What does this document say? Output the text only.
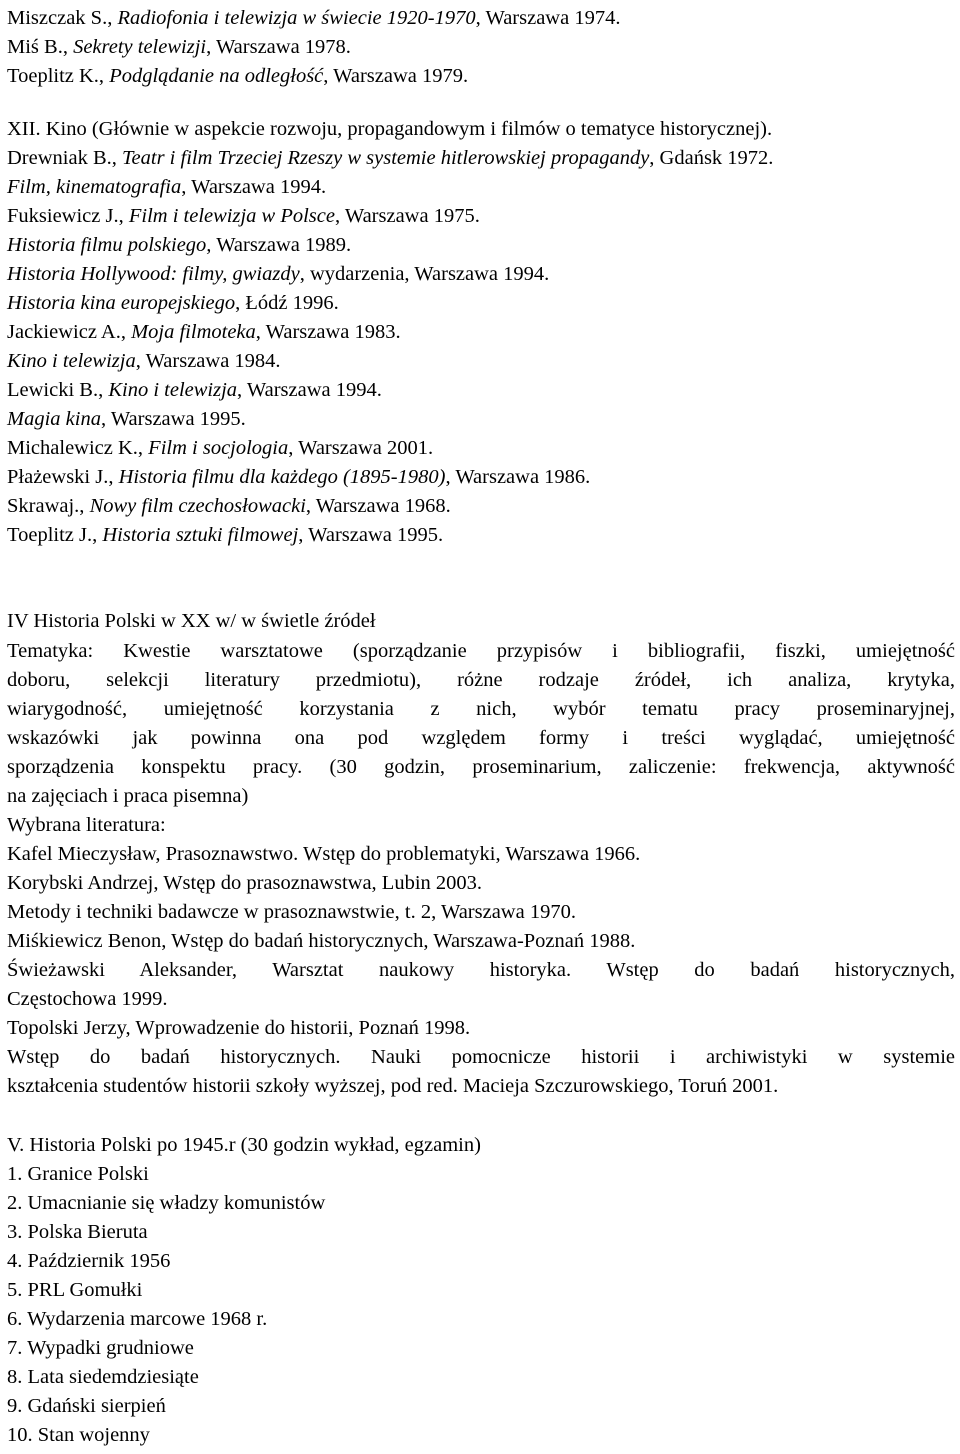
Miszczak S., Radiofonia i telewizja w świecie 1920-1970, Warszawa 1974.
Miś B., Sekrety telewizji, Warszawa 1978.
Toeplitz K., Podglądanie na odległość, Warszawa 1979.
XII. Kino (Głównie w aspekcie rozwoju, propagandowym i filmów o tematyce historycznej).
Drewniak B., Teatr i film Trzeciej Rzeszy w systemie hitlerowskiej propagandy, Gdańsk 1972.
Film, kinematografia, Warszawa 1994.
Fuksiewicz J., Film i telewizja w Polsce, Warszawa 1975.
Historia filmu polskiego, Warszawa 1989.
Historia Hollywood: filmy, gwiazdy, wydarzenia, Warszawa 1994.
Historia kina europejskiego, Łódź 1996.
Jackiewicz A., Moja filmoteka, Warszawa 1983.
Kino i telewizja, Warszawa 1984.
Lewicki B., Kino i telewizja, Warszawa 1994.
Magia kina, Warszawa 1995.
Michalewicz K., Film i socjologia, Warszawa 2001.
Płażewski J., Historia filmu dla każdego (1895-1980), Warszawa 1986.
Skrawaj., Nowy film czechosłowacki, Warszawa 1968.
Toeplitz J., Historia sztuki filmowej, Warszawa 1995.
IV Historia Polski w XX w/ w świetle źródeł
Tematyka: Kwestie warsztatowe (sporządzanie przypisów i bibliografii, fiszki, umiejętność
doboru, selekcji literatury przedmiotu), różne rodzaje źródeł, ich analiza, krytyka,
wiarygodność, umiejętność korzystania z nich, wybór tematu pracy proseminaryjnej,
wskazówki jak powinna ona pod względem formy i treści wyglądać, umiejętność
sporządzenia konspektu pracy. (30 godzin, proseminarium, zaliczenie: frekwencja, aktywność
na zajęciach i praca pisemna)
Wybrana literatura:
Kafel Mieczysław, Prasoznawstwo. Wstęp do problematyki, Warszawa 1966.
Korybski Andrzej, Wstęp do prasoznawstwa, Lubin 2003.
Metody i techniki badawcze w prasoznawstwie, t. 2, Warszawa 1970.
Miśkiewicz Benon, Wstęp do badań historycznych, Warszawa-Poznań 1988.
Świeżawski Aleksander, Warsztat naukowy historyka. Wstęp do badań historycznych,
Częstochowa 1999.
Topolski Jerzy, Wprowadzenie do historii, Poznań 1998.
Wstęp do badań historycznych. Nauki pomocnicze historii i archiwistyki w systemie
kształcenia studentów historii szkoły wyższej, pod red. Macieja Szczurowskiego, Toruń 2001.
V. Historia Polski po 1945.r (30 godzin wykład, egzamin)
1. Granice Polski
2. Umacnianie się władzy komunistów
3. Polska Bieruta
4. Październik 1956
5. PRL Gomułki
6. Wydarzenia marcowe 1968 r.
7. Wypadki grudniowe
8. Lata siedemdziesiąte
9. Gdański sierpień
10. Stan wojenny
